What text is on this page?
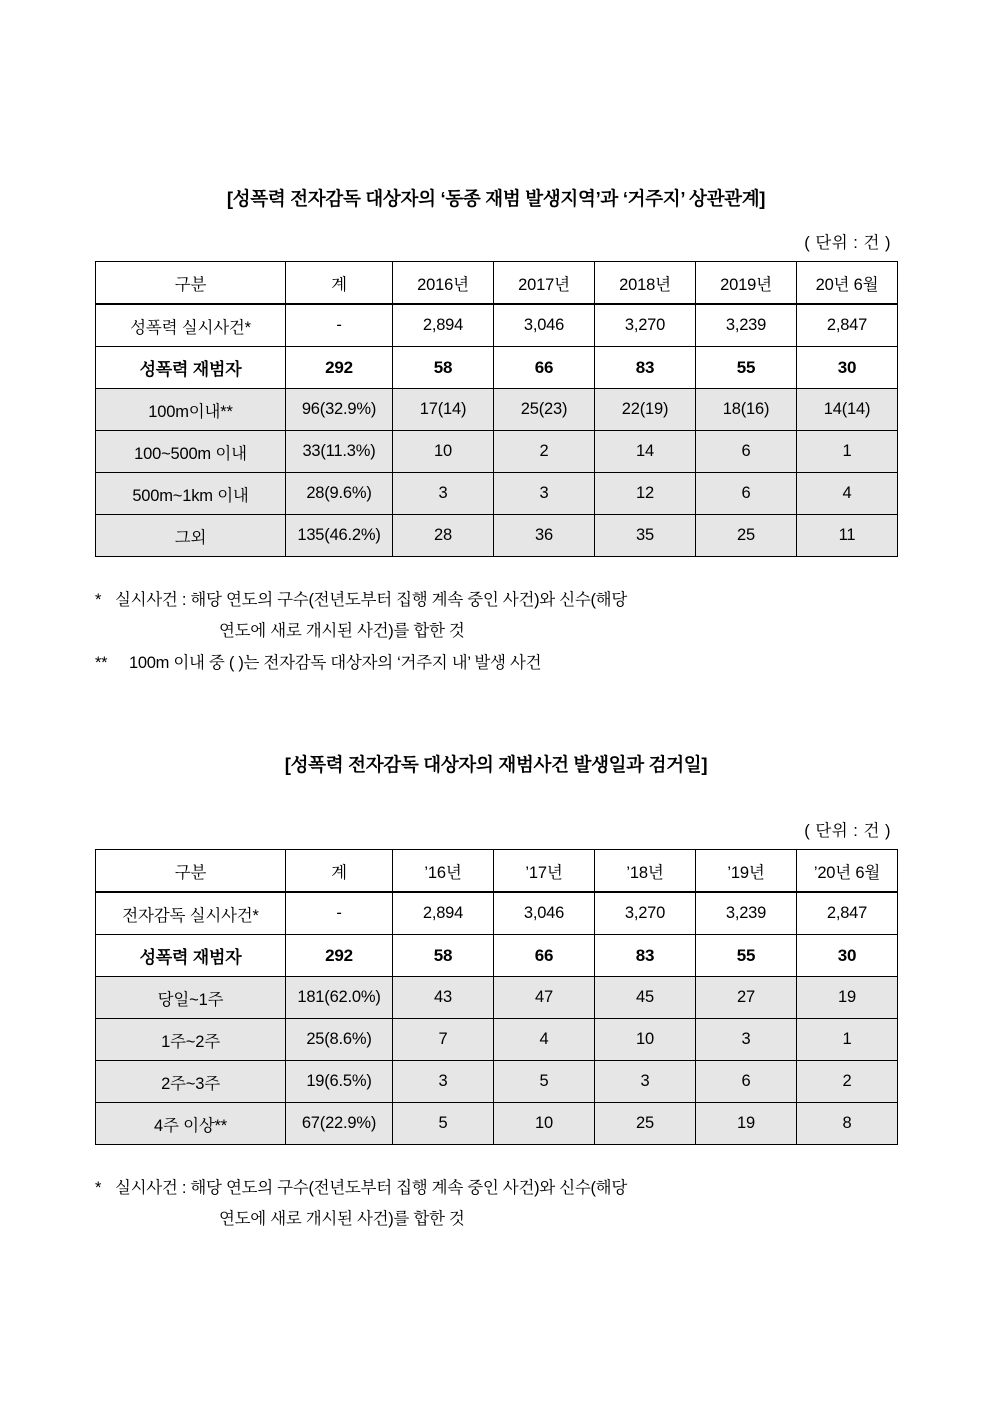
[성폭력 전자감독 대상자의 ‘동종 재범 발생지역’과 ‘거주지’ 상관관계]
( 단위 : 건 )
구분	계	2016년	2017년	2018년	2019년	20년 6월
성폭력 실시사건*	-	2,894	3,046	3,270	3,239	2,847
성폭력 재범자	292	58	66	83	55	30
100m이내**	96(32.9%)	17(14)	25(23)	22(19)	18(16)	14(14)
100~500m 이내	33(11.3%)	10	2	14	6	1
500m~1km 이내	28(9.6%)	3	3	12	6	4
그외	135(46.2%)	28	36	35	25	11

* 실시사건 : 해당 연도의 구수(전년도부터 집행 계속 중인 사건)와 신수(해당

연도에 새로 개시된 사건)를 합한 것

** 100m 이내 중 ( )는 전자감독 대상자의 ‘거주지 내’ 발생 사건

[성폭력 전자감독 대상자의 재범사건 발생일과 검거일]
( 단위 : 건 )
구분	계	’16년	’17년	’18년	’19년	’20년 6월
전자감독 실시사건*	-	2,894	3,046	3,270	3,239	2,847
성폭력 재범자	292	58	66	83	55	30
당일~1주	181(62.0%)	43	47	45	27	19
1주~2주	25(8.6%)	7	4	10	3	1
2주~3주	19(6.5%)	3	5	3	6	2
4주 이상**	67(22.9%)	5	10	25	19	8

* 실시사건 : 해당 연도의 구수(전년도부터 집행 계속 중인 사건)와 신수(해당

연도에 새로 개시된 사건)를 합한 것
